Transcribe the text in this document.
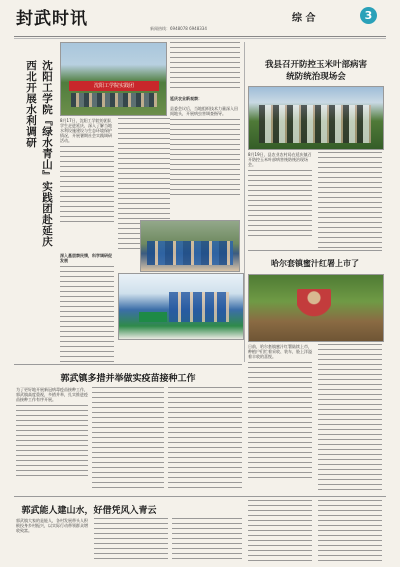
封武时讯	新闻热线：6948078 6948334
综 合	3
沈阳工学院实践团
沈阳工学院『绿水青山』实践团赴延庆
西北开展水利调研	8月17日，沈阳工学院的团队学生走进延庆，深入了解当地水利设施建设与生态环境保护情况，开展暑期社会实践调研活动。
深入基层察民情，科学调研促发展
延庆农业新观察：
县委会议后，当地组织技术力量深入田间地头，开展病虫害调查指导。
我县召开防控玉米叶部病害
统防统治现场会
8月19日，县农业农村局在延庆镇召开防控玉米叶部病害统防统治现场会。
哈尔套镇蜜汁红署上市了
日前，哈尔套镇蜜汁红署陆续上市，种植户们忙着采收、装车，脸上洋溢着丰收的喜悦。
郭武镇多措并举做实疫苗接种工作
为了更好地开展新冠病毒疫苗接种工作，郭武镇高度重视，多措并举，扎实推进疫苗接种工作有序开展。
郭武能人建山水，好借凭风入青云
郭武镇大家的是能人，各村发展带头人积极投身乡村振兴，以实际行动带领群众增收致富。
